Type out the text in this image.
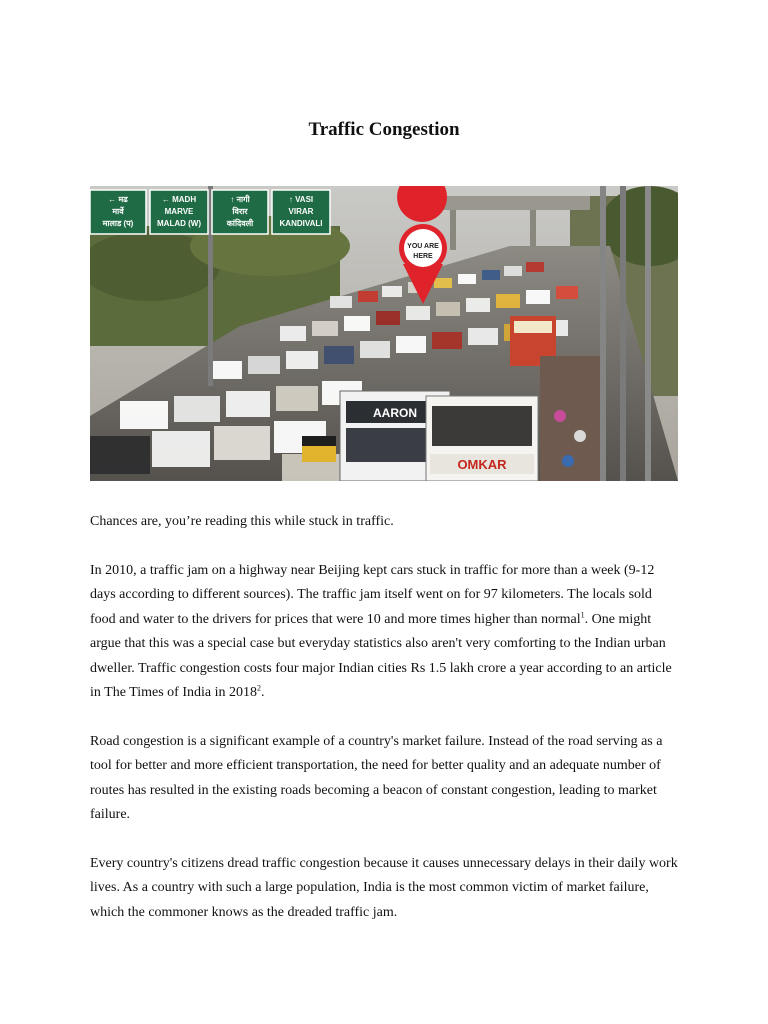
Traffic Congestion
AARON
OMKAR
← मढ
मार्वे
मालाड (प)
← MADH
MARVE
MALAD (W)
↑ नागी
विरार
कांदिवली
↑ VASI
VIRAR
KANDIVALI
YOU ARE
HERE

Chances are, you’re reading this while stuck in traffic.

In 2010, a traffic jam on a highway near Beijing kept cars stuck in traffic for more than a week (9-12 days according to different sources). The traffic jam itself went on for 97 kilometers. The locals sold food and water to the drivers for prices that were 10 and more times higher than normal$^1$. One might argue that this was a special case but everyday statistics also aren't very comforting to the Indian urban dweller. Traffic congestion costs four major Indian cities Rs 1.5 lakh crore a year according to an article in The Times of India in 2018$^2$.

Road congestion is a significant example of a country's market failure. Instead of the road serving as a tool for better and more efficient transportation, the need for better quality and an adequate number of routes has resulted in the existing roads becoming a beacon of constant congestion, leading to market failure.

Every country's citizens dread traffic congestion because it causes unnecessary delays in their daily work lives. As a country with such a large population, India is the most common victim of market failure, which the commoner knows as the dreaded traffic jam.
